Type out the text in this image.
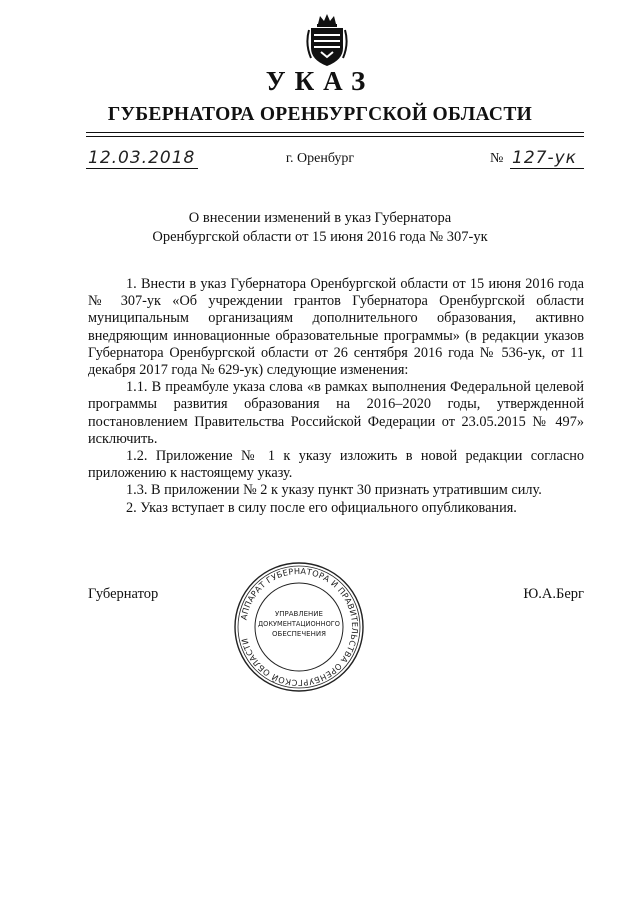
УКАЗ
ГУБЕРНАТОРА ОРЕНБУРГСКОЙ ОБЛАСТИ
12.03.2018	г. Оренбург	№ 127-ук
О внесении изменений в указ Губернатора
Оренбургской области от 15 июня 2016 года № 307-ук

1. Внести в указ Губернатора Оренбургской области от 15 июня 2016 года № 307-ук «Об учреждении грантов Губернатора Оренбургской области муниципальным организациям дополнительного образования, активно внедряющим инновационные образовательные программы» (в редакции указов Губернатора Оренбургской области от 26 сентября 2016 года № 536-ук, от 11 декабря 2017 года № 629-ук) следующие изменения:

1.1. В преамбуле указа слова «в рамках выполнения Федеральной целевой программы развития образования на 2016–2020 годы, утвержденной постановлением Правительства Российской Федерации от 23.05.2015 № 497» исключить.

1.2. Приложение № 1 к указу изложить в новой редакции согласно приложению к настоящему указу.

1.3. В приложении № 2 к указу пункт 30 признать утратившим силу.

2. Указ вступает в силу после его официального опубликования.

Губернатор	Ю.А.Берг
АППАРАТ ГУБЕРНАТОРА И ПРАВИТЕЛЬСТВА ОРЕНБУРГСКОЙ ОБЛАСТИ
УПРАВЛЕНИЕ
ДОКУМЕНТАЦИОННОГО
ОБЕСПЕЧЕНИЯ
